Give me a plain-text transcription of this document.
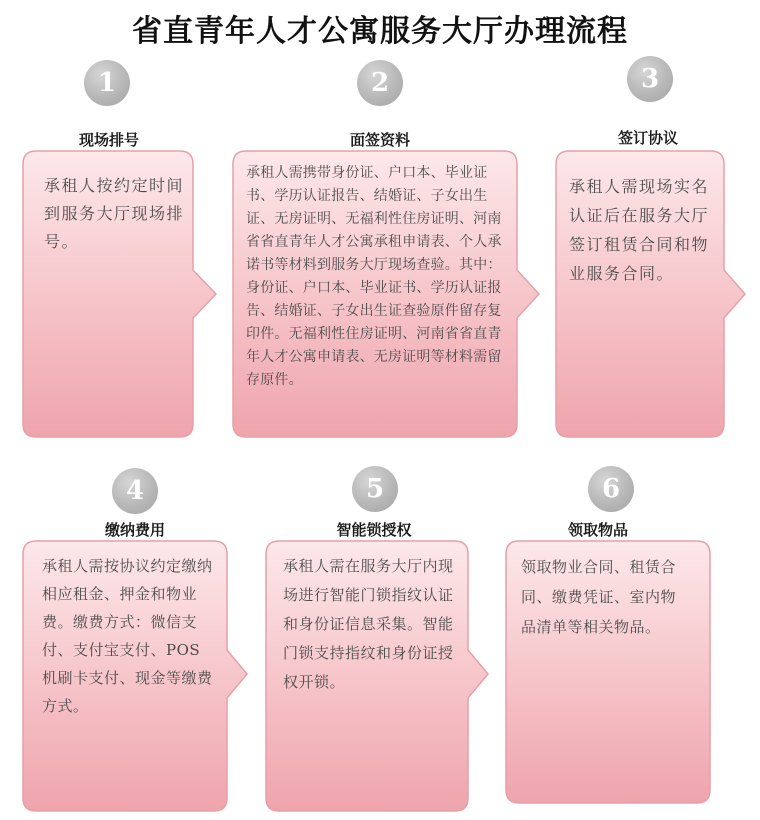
省直青年人才公寓服务大厅办理流程
1
现场排号
承租人按约定时间到服务大厅现场排号。
2
面签资料
承租人需携带身份证、户口本、毕业证书、学历认证报告、结婚证、子女出生证、无房证明、无福利性住房证明、河南省省直青年人才公寓承租申请表、个人承诺书等材料到服务大厅现场查验。其中：身份证、户口本、毕业证书、学历认证报告、结婚证、子女出生证查验原件留存复印件。无福利性住房证明、河南省省直青年人才公寓申请表、无房证明等材料需留存原件。
3
签订协议
承租人需现场实名认证后在服务大厅签订租赁合同和物业服务合同。
4
缴纳费用
承租人需按协议约定缴纳相应租金、押金和物业费。缴费方式：微信支付、支付宝支付、POS 机刷卡支付、现金等缴费方式。
5
智能锁授权
承租人需在服务大厅内现场进行智能门锁指纹认证和身份证信息采集。智能门锁支持指纹和身份证授权开锁。
6
领取物品
领取物业合同、租赁合同、缴费凭证、室内物品清单等相关物品。
